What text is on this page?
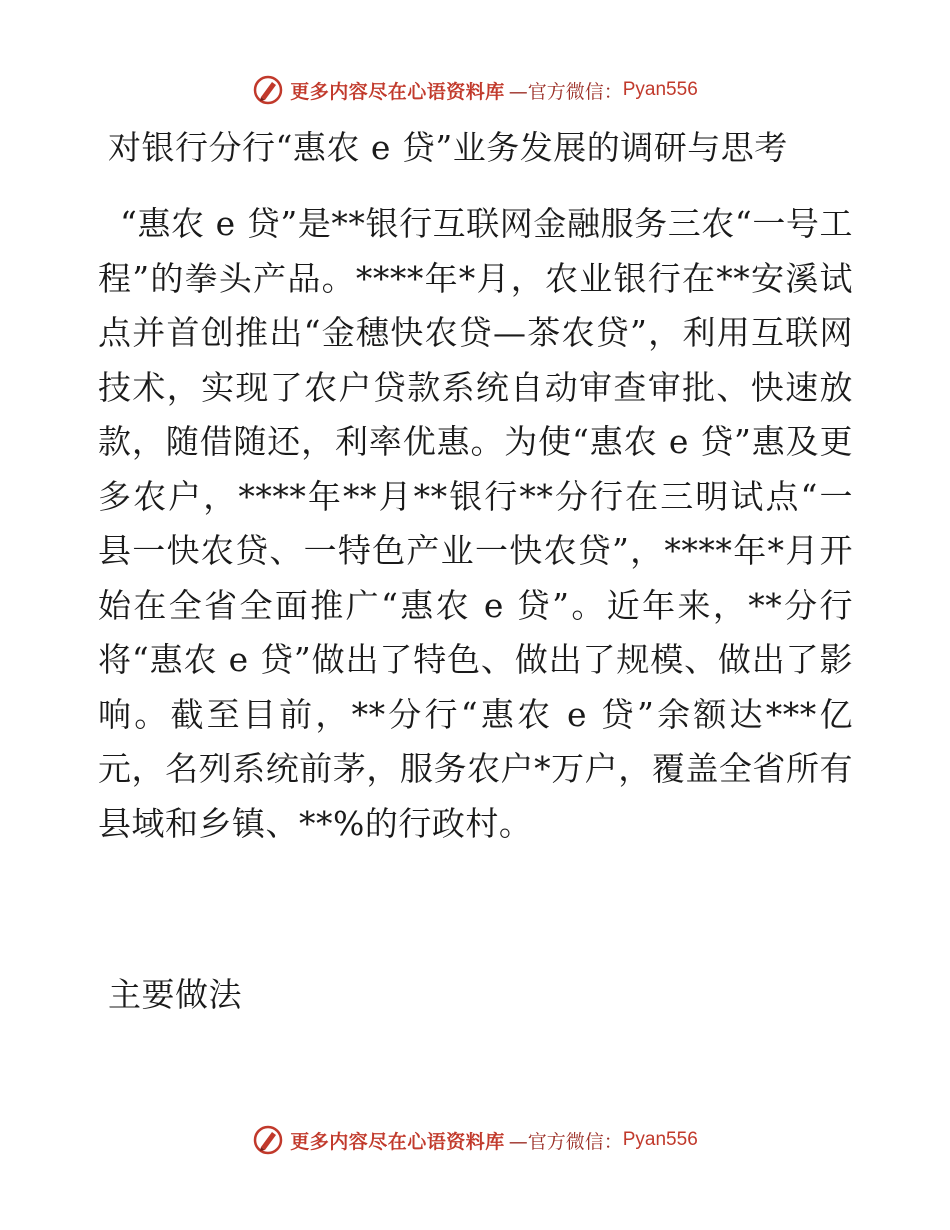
更多内容尽在心语资料库 —官方微信： Pyan556
对银行分行“惠农 e 贷”业务发展的调研与思考
“惠农 e 贷”是**银行互联网金融服务三农“一号工程”的拳头产品。****年*月，农业银行在**安溪试点并首创推出“金穗快农贷—茶农贷”，利用互联网技术，实现了农户贷款系统自动审查审批、快速放款，随借随还，利率优惠。为使“惠农 e 贷”惠及更多农户，****年**月**银行**分行在三明试点“一县一快农贷、一特色产业一快农贷”，****年*月开始在全省全面推广“惠农 e 贷”。近年来，**分行将“惠农 e 贷”做出了特色、做出了规模、做出了影响。截至目前，**分行“惠农 e 贷”余额达***亿元，名列系统前茅，服务农户*万户，覆盖全省所有县域和乡镇、**%的行政村。
主要做法
更多内容尽在心语资料库 —官方微信： Pyan556
